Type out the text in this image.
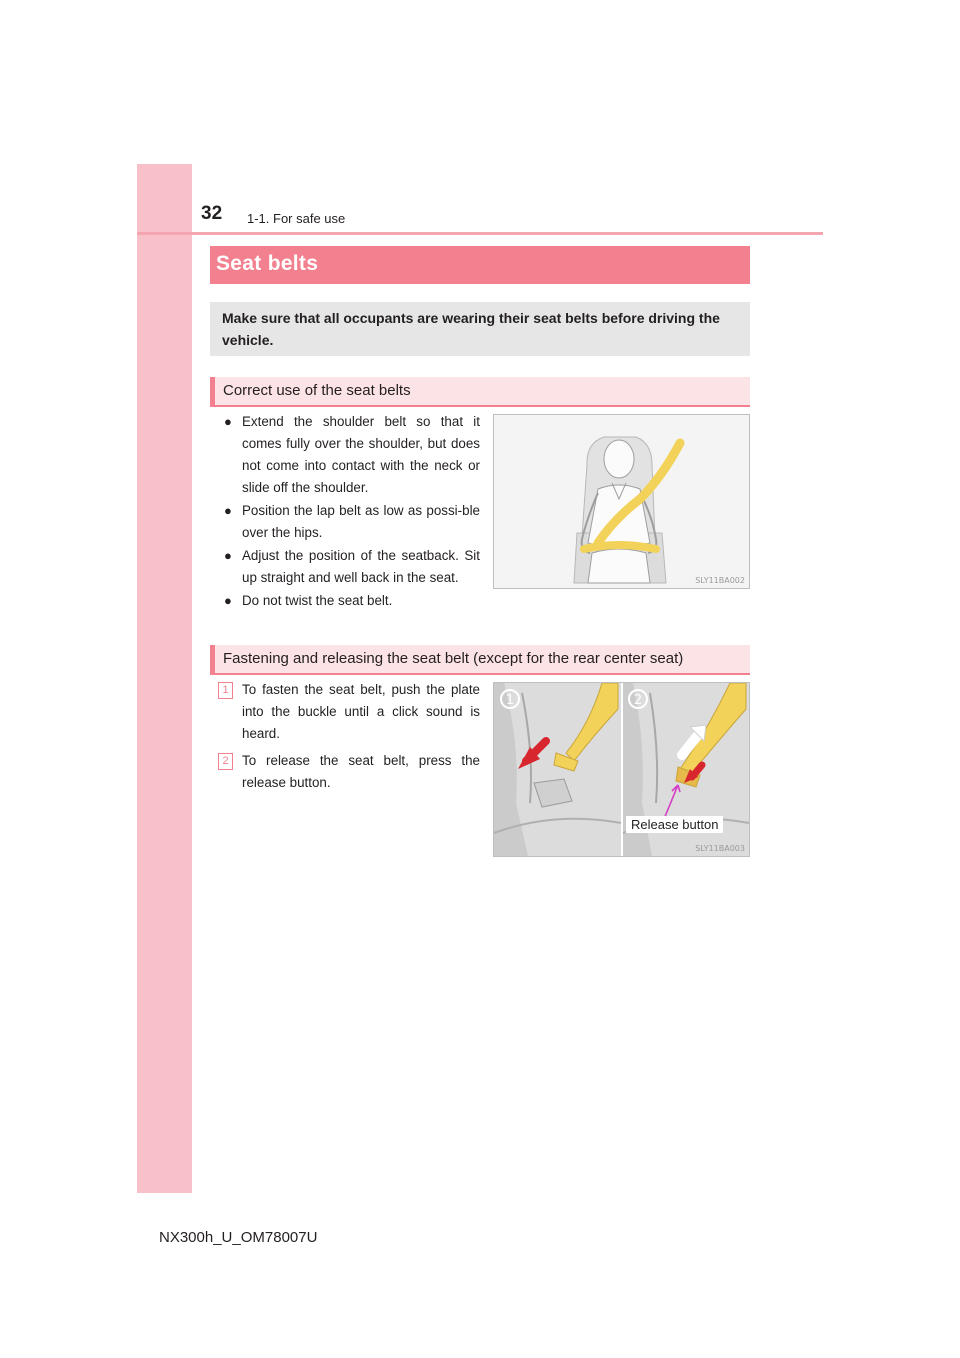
32 1-1. For safe use
Seat belts
Make sure that all occupants are wearing their seat belts before driving the vehicle.
Correct use of the seat belts
● Extend the shoulder belt so that it comes fully over the shoulder, but does not come into contact with the neck or slide off the shoulder.
● Position the lap belt as low as possi-ble over the hips.
● Adjust the position of the seatback. Sit up straight and well back in the seat.
● Do not twist the seat belt.
SLY11BA002
Fastening and releasing the seat belt (except for the rear center seat)
1	To fasten the seat belt, push the plate into the buckle until a click sound is heard.
2	To release the seat belt, press the release button.
1	2
SLY11BA003
Release button
NX300h_U_OM78007U
